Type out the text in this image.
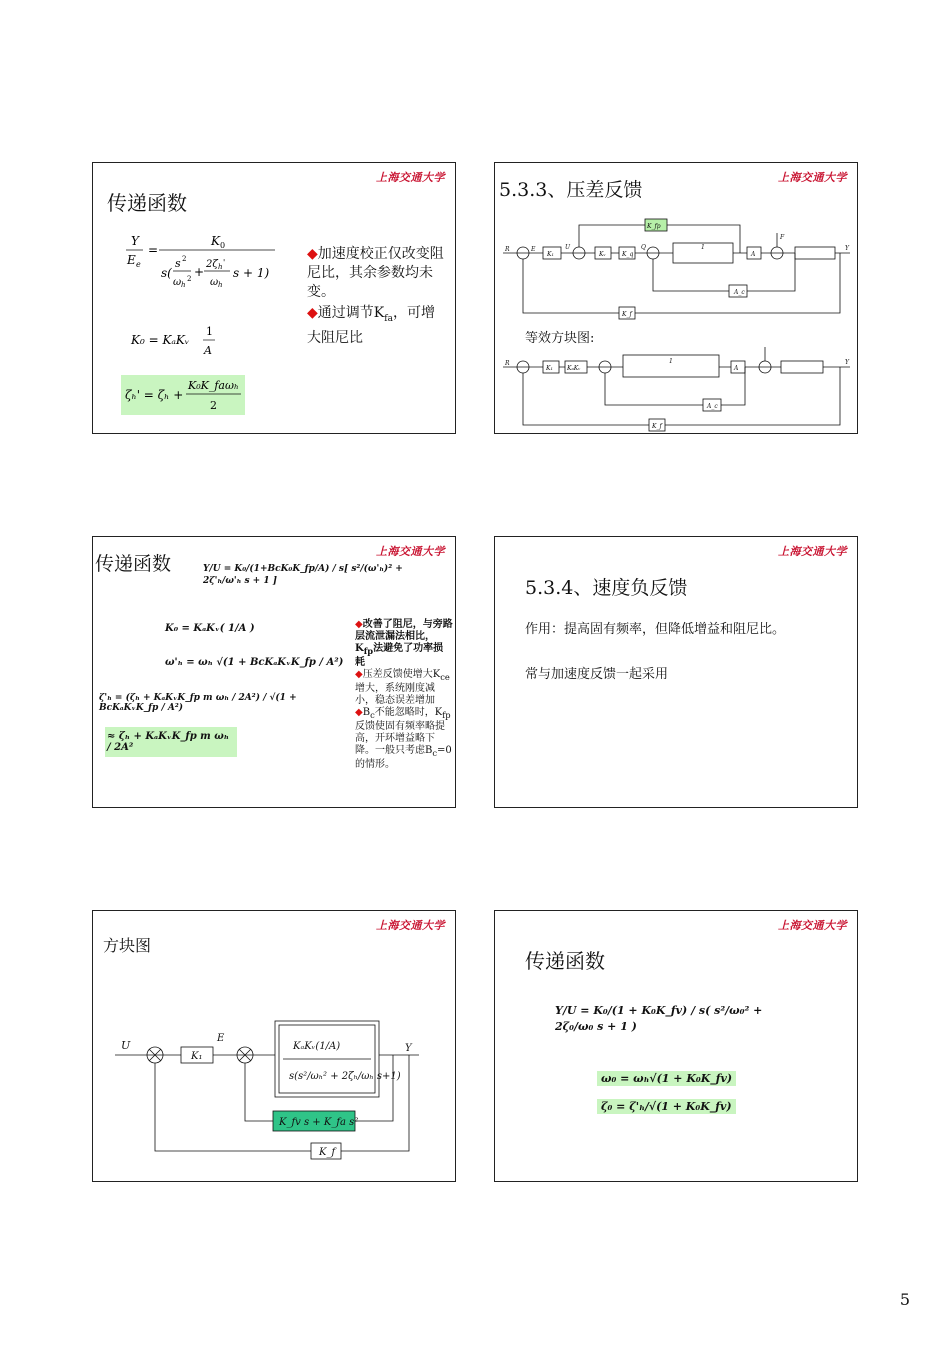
上海交通大学
传递函数
Y
E e
=
K 0
s(
s 2
ω h
2 +
2ζ h '
ω h
s + 1)
K₀ = KₐKᵥ
1
A
ζₕ' = ζₕ +
K₀K_faωₕ
2
◆加速度校正仅改变阻尼比，其余参数均未变。
◆通过调节$K_{fa}$，可增大阻尼比
上海交通大学
5.3.3、压差反馈
K_fp
K₁	Kᵥ	K_q
1
A
A_c
K_f
R	E	U	Q
F
Y
K₁ KₐKᵥ
1
A
A_c
K_f
R	Y
等效方块图:
上海交通大学
传递函数	Y/U = K₀/(1+BcK₀K_fp/A) / s[ s²/(ω'ₕ)² + 2ζ'ₕ/ω'ₕ s + 1 ]
K₀ = KₐKᵥ( 1/A )
ω'ₕ = ωₕ √(1 + BcKₐKᵥK_fp / A²)
ζ'ₕ = (ζₕ + KₐKᵥK_fp m ωₕ / 2A²) / √(1 + BcKₐKᵥK_fp / A²)
≈ ζₕ + KₐKᵥK_fp m ωₕ / 2A²
◆改善了阻尼，与旁路层流泄漏法相比，$K_{fp}$法避免了功率损耗
◆压差反馈使增大$K_{ce}$增大，系统刚度减小，稳态误差增加
$◆B_c$不能忽略时，$K_{fp}$反馈使固有频率略提高，开环增益略下降。一般只考虑$B_c=0$的情形。
上海交通大学
5.3.4、速度负反馈
作用：提高固有频率，但降低增益和阻尼比。
常与加速度反馈一起采用
上海交通大学
方块图
U
K₁
E
Y
KₐKᵥ(1/A)
s(s²/ωₕ² + 2ζₕ/ωₕ s+1)
K_fv s + K_fa s²
K_f
上海交通大学
传递函数
Y/U = K₀/(1 + K₀K_fv) / s( s²/ω₀² + 2ζ₀/ω₀ s + 1 )
ω₀ = ωₕ√(1 + K₀K_fv)
ζ₀ = ζ'ₕ/√(1 + K₀K_fv)
5
